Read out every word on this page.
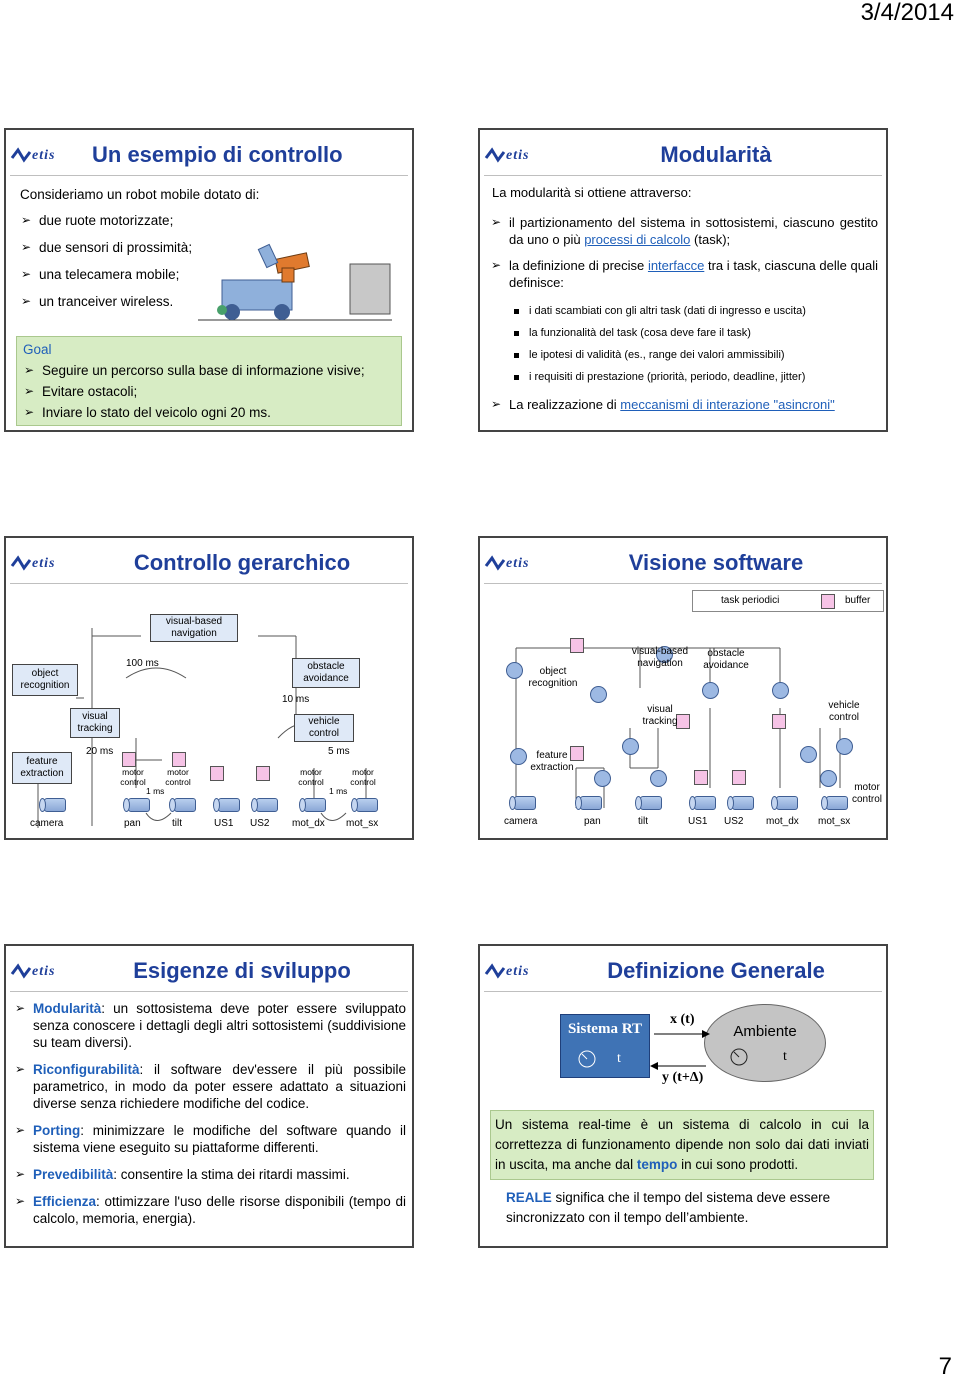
3/4/2014
7
etis Un esempio di controllo
Consideriamo un robot mobile dotato di:
➢ due ruote motorizzate;
➢ due sensori di prossimità;
➢ una telecamera mobile;
➢ un tranceiver wireless.
Goal
➢ Seguire un percorso sulla base di informazione visive;
➢ Evitare ostacoli;
➢ Inviare lo stato del veicolo ogni 20 ms.
etis	Modularità
La modularità si ottiene attraverso:
➢ il partizionamento del sistema in sottosistemi, ciascuno gestito da uno o più processi di calcolo (task);
➢ la definizione di precise interfacce tra i task, ciascuna delle quali definisce:
i dati scambiati con gli altri task (dati di ingresso e uscita)
la funzionalità del task (cosa deve fare il task)
le ipotesi di validità (es., range dei valori ammissibili)
i requisiti di prestazione (priorità, periodo, deadline, jitter)
➢ La realizzazione di meccanismi di interazione "asincroni"
etis	Controllo gerarchico
visual-based navigation
object recognition
obstacle avoidance
visual tracking
vehicle control
feature extraction
100 ms
10 ms
20 ms	5 ms
motor control
motor control
motor control
motor control
1 ms	1 ms
camera	pan	tilt	US1 US2 mot_dx mot_sx
etis	Visione software
task periodici	buffer
object recognition
visual-based navigation
obstacle avoidance
visual tracking
vehicle control
feature extraction
motor control
camera	pan	tilt	US1 US2 mot_dx mot_sx
etis	Esigenze di sviluppo
➢ Modularità: un sottosistema deve poter essere sviluppato senza conoscere i dettagli degli altri sottosistemi (suddivisione su team diversi).
➢ Riconfigurabilità: il software dev'essere il più possibile parametrico, in modo da poter essere adattato a situazioni diverse senza richiedere modifiche del codice.
➢ Porting: minimizzare le modifiche del software quando il sistema viene eseguito su piattaforme differenti.
➢ Prevedibilità: consentire la stima dei ritardi massimi.
➢ Efficienza: ottimizzare l'uso delle risorse disponibili (tempo di calcolo, memoria, energia).
etis	Definizione Generale
Sistema RT
t
Ambiente
t
x (t)
y (t+Δ)
Un sistema real-time è un sistema di calcolo in cui la correttezza di funzionamento dipende non solo dai dati inviati in uscita, ma anche dal tempo in cui sono prodotti.
REALE significa che il tempo del sistema deve essere sincronizzato con il tempo dell’ambiente.
